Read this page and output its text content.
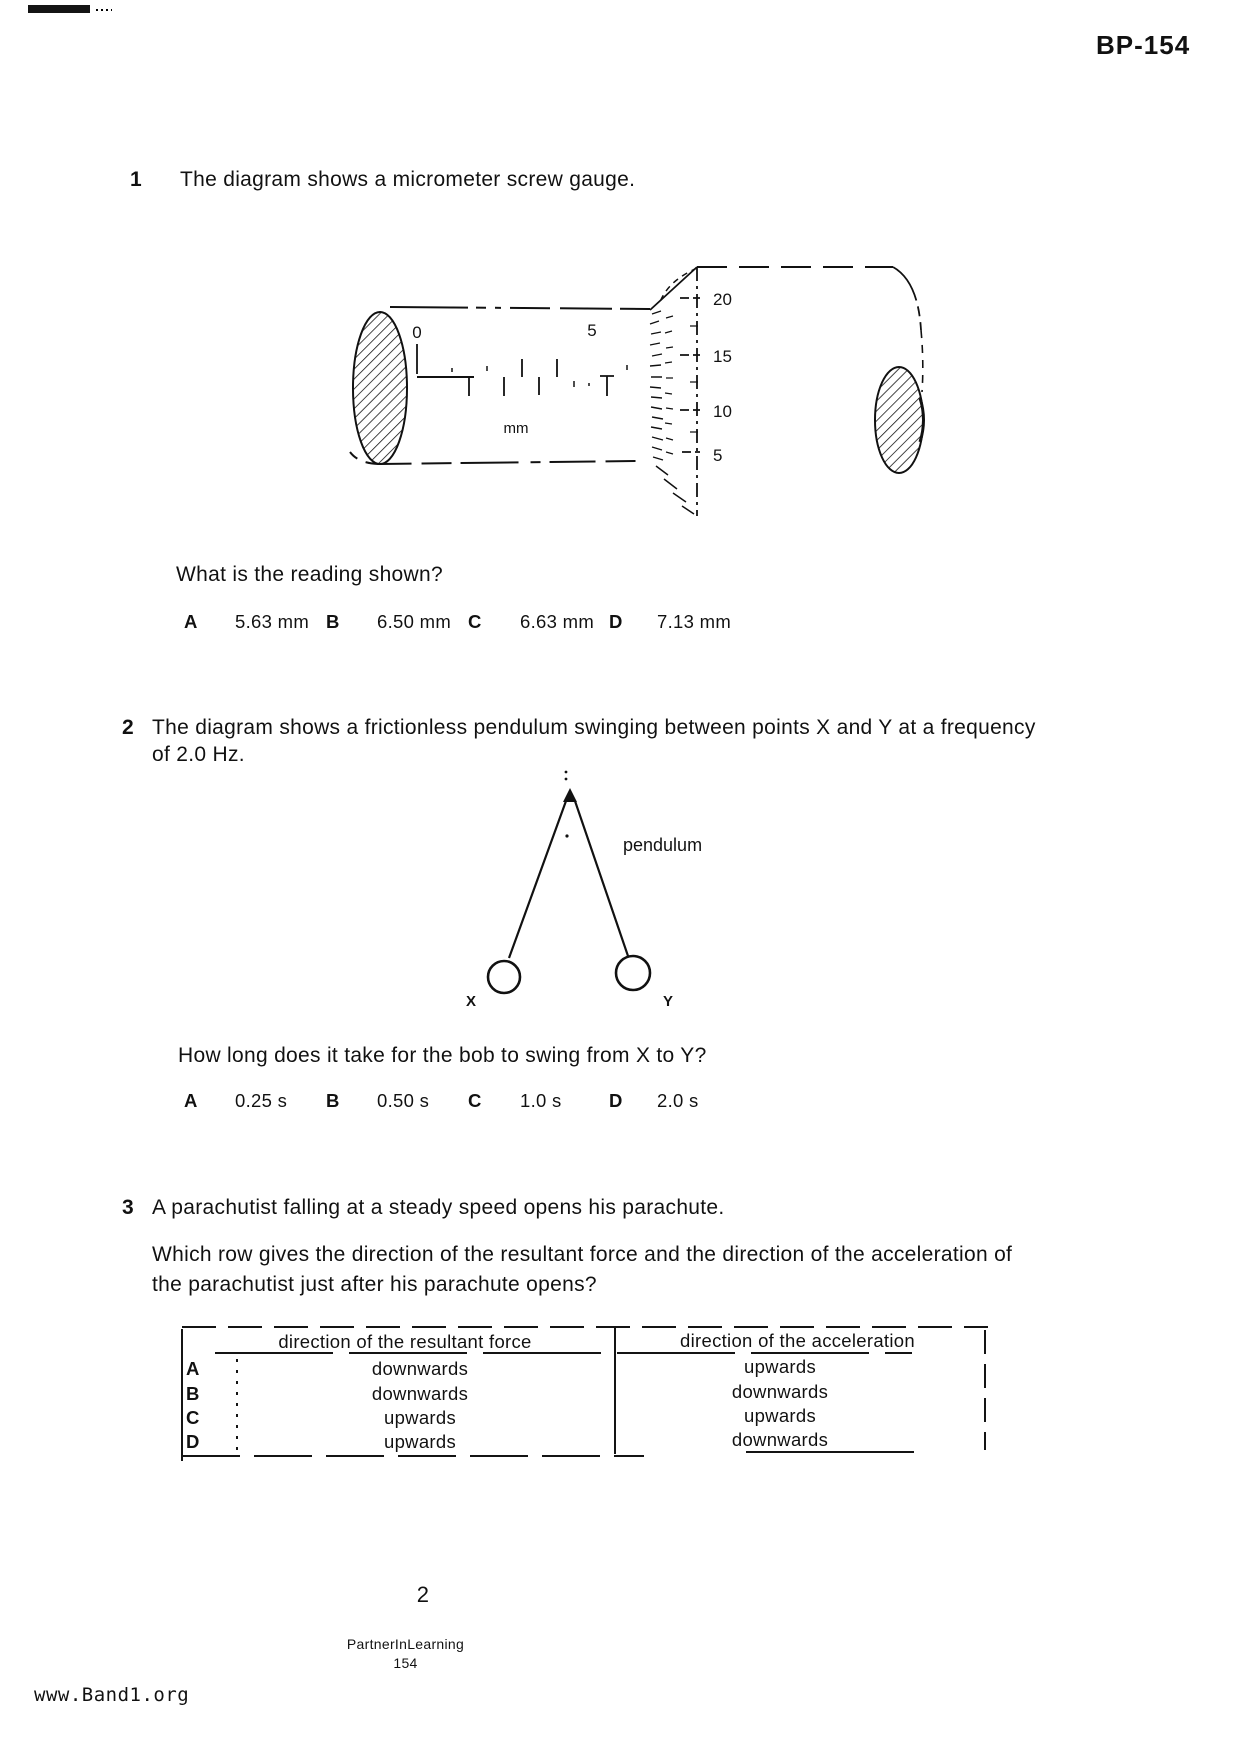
BP-154
1 The diagram shows a micrometer screw gauge.
0	5
mm
20
15
10
5
What is the reading shown?
A 5.63 mm B 6.50 mm C 6.63 mm D 7.13 mm
2 The diagram shows a frictionless pendulum swinging between points X and Y at a frequency
of 2.0 Hz.
X	Y
pendulum
How long does it take for the bob to swing from X to Y?
A 0.25 s B 0.50 s C 1.0 s	D 2.0 s
3 A parachutist falling at a steady speed opens his parachute.
Which row gives the direction of the resultant force and the direction of the acceleration of
the parachutist just after his parachute opens?
direction of the resultant force	direction of the acceleration
A	downwards	upwards
B	downwards	downwards
C	upwards	upwards
D	upwards	downwards
2
PartnerInLearning
154
www.Band1.org
